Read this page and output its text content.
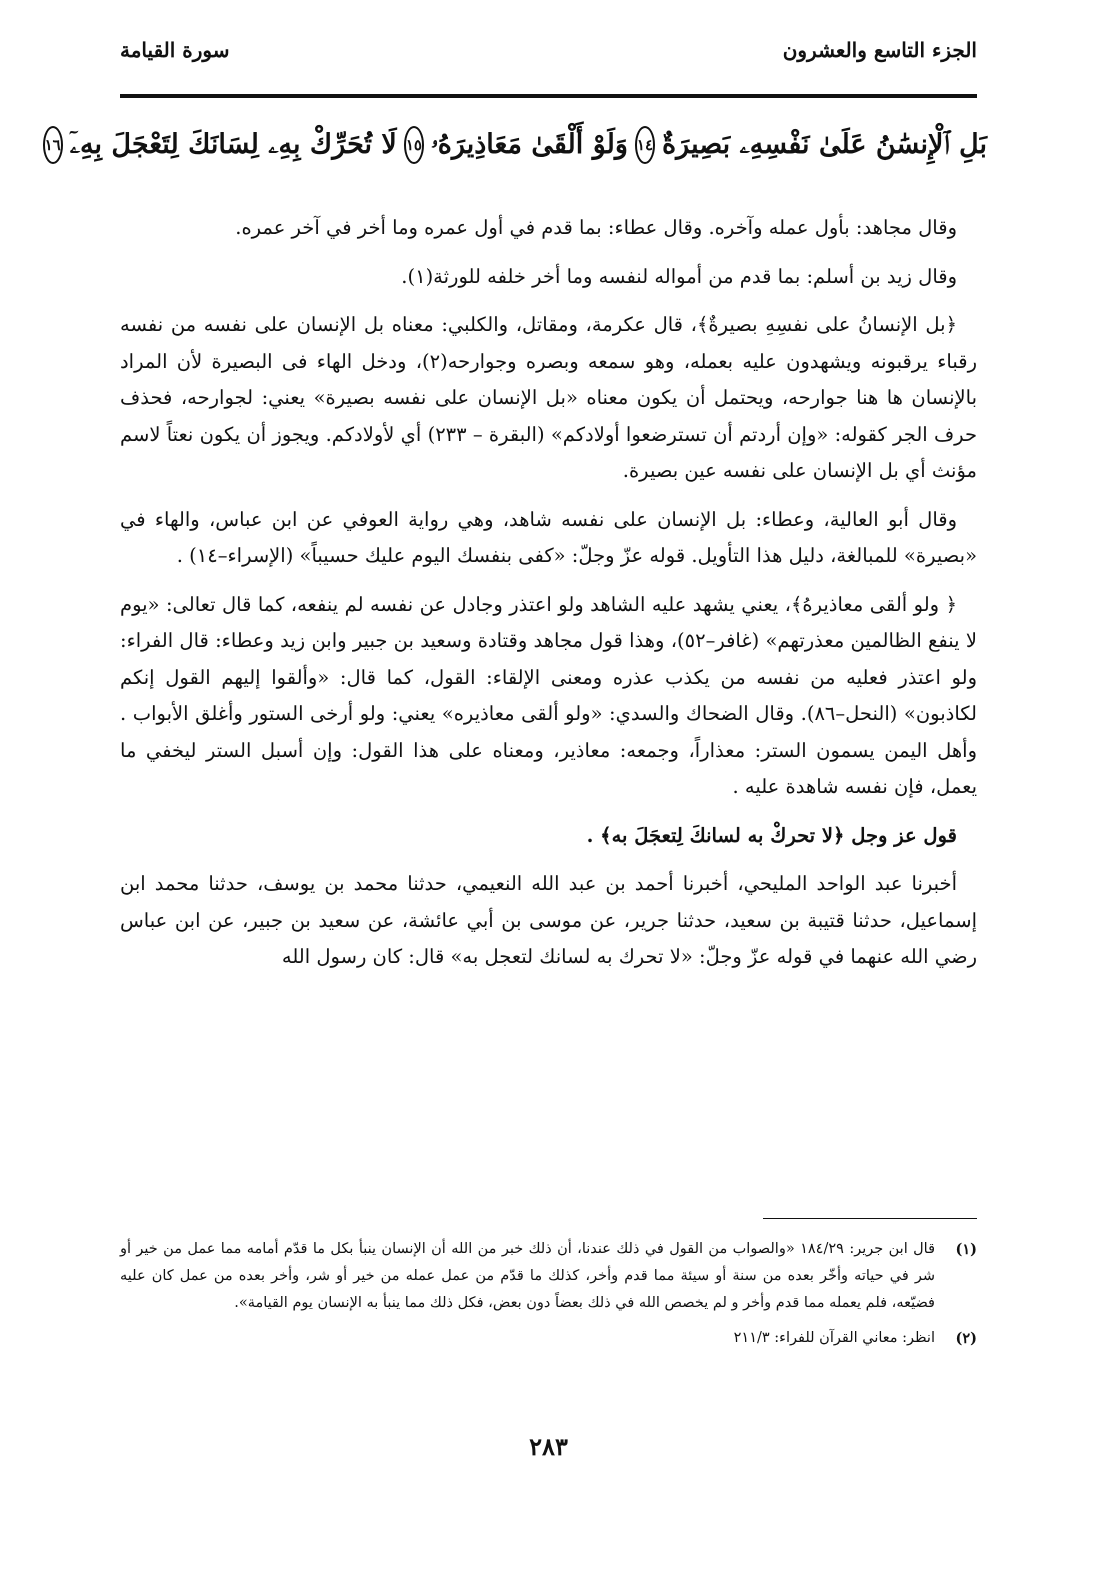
الجزء التاسع والعشرون
سورة القيامة
بَلِ ٱلْإِنسَٰنُ عَلَىٰ نَفْسِهِۦ بَصِيرَةٌ
١٤
وَلَوْ أَلْقَىٰ مَعَاذِيرَهُۥ
١٥
لَا تُحَرِّكْ بِهِۦ لِسَانَكَ لِتَعْجَلَ بِهِۦٓ
١٦

وقال مجاهد: بأول عمله وآخره. وقال عطاء: بما قدم في أول عمره وما أخر في آخر عمره.

وقال زيد بن أسلم: بما قدم من أمواله لنفسه وما أخر خلفه للورثة(١).

﴿بل الإنسانُ على نفسِهِ بصيرةٌ﴾، قال عكرمة، ومقاتل، والكلبي: معناه بل الإنسان على نفسه من نفسه رقباء يرقبونه ويشهدون عليه بعمله، وهو سمعه وبصره وجوارحه(٢)، ودخل الهاء فى البصيرة لأن المراد بالإنسان ها هنا جوارحه، ويحتمل أن يكون معناه «بل الإنسان على نفسه بصيرة» يعني: لجوارحه، فحذف حرف الجر كقوله: «وإن أردتم أن تسترضعوا أولادكم» (البقرة – ٢٣٣) أي لأولادكم. ويجوز أن يكون نعتاً لاسم مؤنث أي بل الإنسان على نفسه عين بصيرة.

وقال أبو العالية، وعطاء: بل الإنسان على نفسه شاهد، وهي رواية العوفي عن ابن عباس، والهاء في «بصيرة» للمبالغة، دليل هذا التأويل. قوله عزّ وجلّ: «كفى بنفسك اليوم عليك حسيباً» (الإسراء–١٤) .

﴿ ولو ألقى معاذيرهُ﴾، يعني يشهد عليه الشاهد ولو اعتذر وجادل عن نفسه لم ينفعه، كما قال تعالى: «يوم لا ينفع الظالمين معذرتهم» (غافر–٥٢)، وهذا قول مجاهد وقتادة وسعيد بن جبير وابن زيد وعطاء: قال الفراء: ولو اعتذر فعليه من نفسه من يكذب عذره ومعنى الإلقاء: القول، كما قال: «وألقوا إليهم القول إنكم لكاذبون» (النحل–٨٦). وقال الضحاك والسدي: «ولو ألقى معاذيره» يعني: ولو أرخى الستور وأغلق الأبواب . وأهل اليمن يسمون الستر: معذاراً، وجمعه: معاذير، ومعناه على هذا القول: وإن أسبل الستر ليخفي ما يعمل، فإن نفسه شاهدة عليه .

قول عز وجل ﴿لا تحركْ به لسانكَ لِتعجَلَ به﴾ .

أخبرنا عبد الواحد المليحي، أخبرنا أحمد بن عبد الله النعيمي، حدثنا محمد بن يوسف، حدثنا محمد ابن إسماعيل، حدثنا قتيبة بن سعيد، حدثنا جرير، عن موسى بن أبي عائشة، عن سعيد بن جبير، عن ابن عباس رضي الله عنهما في قوله عزّ وجلّ: «لا تحرك به لسانك لتعجل به» قال: كان رسول الله

(١)
قال ابن جرير: ١٨٤/٢٩ «والصواب من القول في ذلك عندنا، أن ذلك خبر من الله أن الإنسان ينبأ بكل ما قدّم أمامه مما عمل من خير أو شر في حياته وأخّر بعده من سنة أو سيئة مما قدم وأخر، كذلك ما قدّم من عمل عمله من خير أو شر، وأخر بعده من عمل كان عليه فضيّعه، فلم يعمله مما قدم وأخر و لم يخصص الله في ذلك بعضاً دون بعض، فكل ذلك مما ينبأ به الإنسان يوم القيامة».
(٢)
انظر: معاني القرآن للفراء: ٢١١/٣
٢٨٣
